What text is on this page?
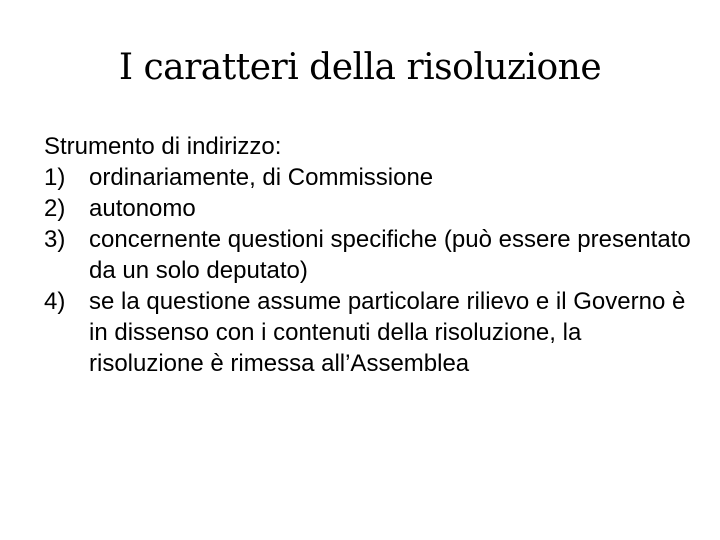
I caratteri della risoluzione

Strumento di indirizzo:

1) ordinariamente, di Commissione
2) autonomo
3) concernente questioni specifiche (può essere presentato da un solo deputato)
4) se la questione assume particolare rilievo e il Governo è in dissenso con i contenuti della risoluzione, la risoluzione è rimessa all’Assemblea
